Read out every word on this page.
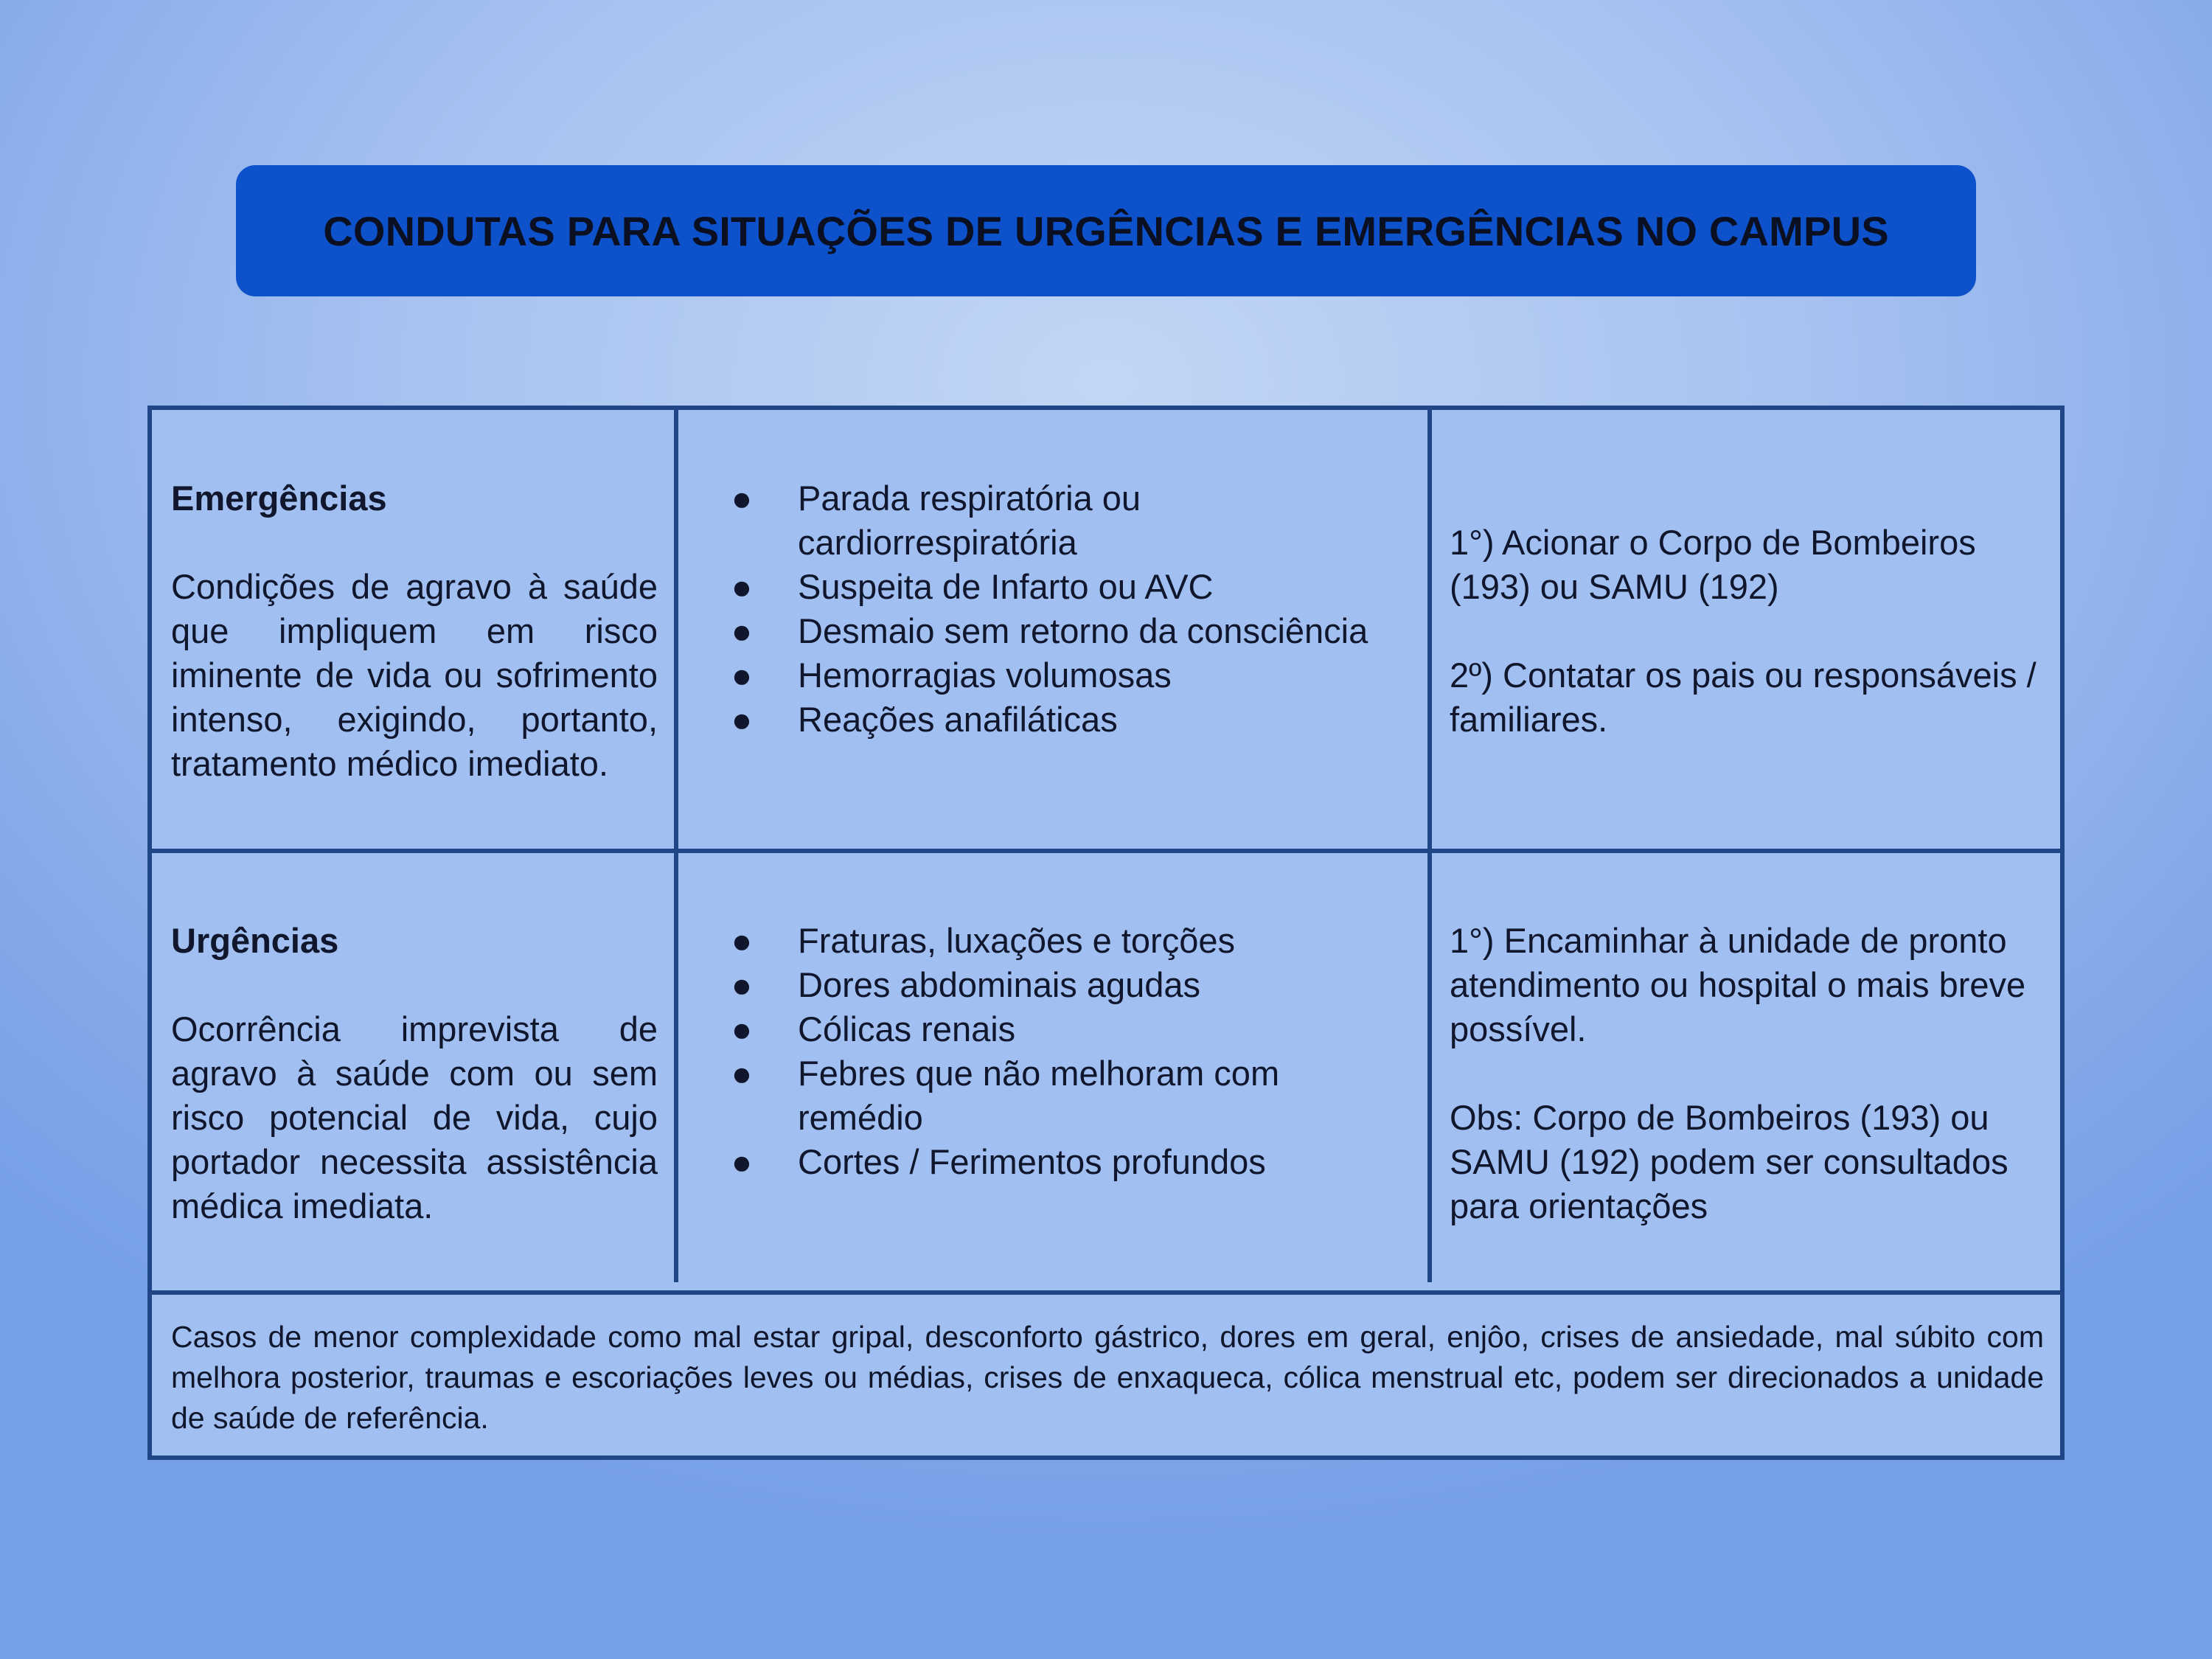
CONDUTAS PARA SITUAÇÕES DE URGÊNCIAS E EMERGÊNCIAS NO CAMPUS
Emergências

Condições de agravo à saúde que impliquem em risco iminente de vida ou sofrimento intenso, exigindo, portanto, tratamento médico imediato.

● Parada respiratória ou cardiorrespiratória
● Suspeita de Infarto ou AVC
● Desmaio sem retorno da consciência
● Hemorragias volumosas
● Reações anafiláticas

1°) Acionar o Corpo de Bombeiros (193) ou SAMU (192)

2º) Contatar os pais ou responsáveis / familiares.

Urgências

Ocorrência imprevista de agravo à saúde com ou sem risco potencial de vida, cujo portador necessita assistência médica imediata.

● Fraturas, luxações e torções
● Dores abdominais agudas
● Cólicas renais
● Febres que não melhoram com remédio
● Cortes / Ferimentos profundos

1°) Encaminhar à unidade de pronto atendimento ou hospital o mais breve possível.

Obs: Corpo de Bombeiros (193) ou SAMU (192) podem ser consultados para orientações

Casos de menor complexidade como mal estar gripal, desconforto gástrico, dores em geral, enjôo, crises de ansiedade, mal súbito com melhora posterior, traumas e escoriações leves ou médias, crises de enxaqueca, cólica menstrual etc, podem ser direcionados a unidade de saúde de referência.
